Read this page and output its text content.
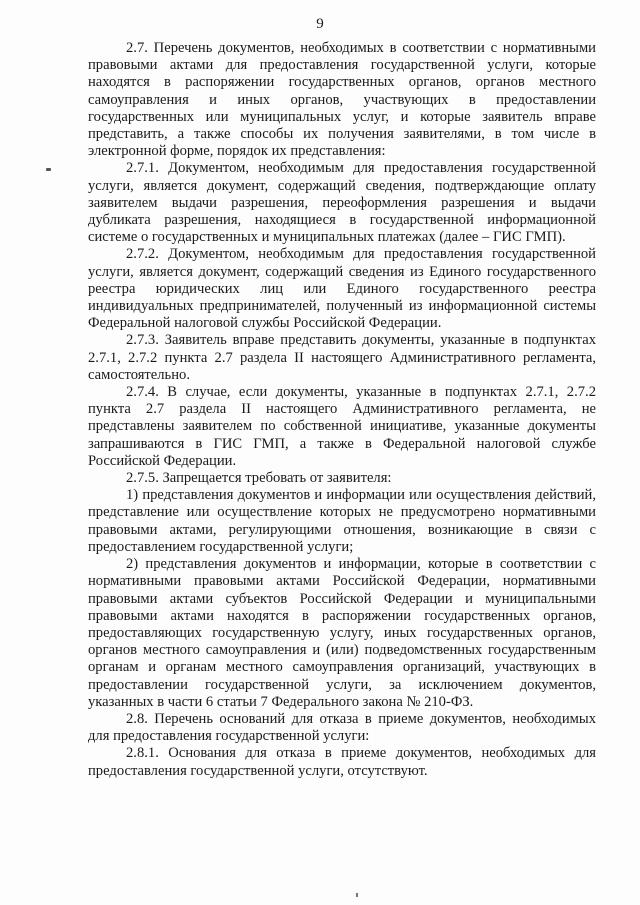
9

2.7. Перечень документов, необходимых в соответствии с нормативными правовыми актами для предоставления государственной услуги, которые находятся в распоряжении государственных органов, органов местного самоуправления и иных органов, участвующих в предоставлении государственных или муниципальных услуг, и которые заявитель вправе представить, а также способы их получения заявителями, в том числе в электронной форме, порядок их представления:

2.7.1. Документом, необходимым для предоставления государственной услуги, является документ, содержащий сведения, подтверждающие оплату заявителем выдачи разрешения, переоформления разрешения и выдачи дубликата разрешения, находящиеся в государственной информационной системе о государственных и муниципальных платежах (далее – ГИС ГМП).

2.7.2. Документом, необходимым для предоставления государственной услуги, является документ, содержащий сведения из Единого государственного реестра юридических лиц или Единого государственного реестра индивидуальных предпринимателей, полученный из информационной системы Федеральной налоговой службы Российской Федерации.

2.7.3. Заявитель вправе представить документы, указанные в подпунктах 2.7.1, 2.7.2 пункта 2.7 раздела II настоящего Административного регламента, самостоятельно.

2.7.4. В случае, если документы, указанные в подпунктах 2.7.1, 2.7.2 пункта 2.7 раздела II настоящего Административного регламента, не представлены заявителем по собственной инициативе, указанные документы запрашиваются в ГИС ГМП, а также в Федеральной налоговой службе Российской Федерации.

2.7.5. Запрещается требовать от заявителя:

1) представления документов и информации или осуществления действий, представление или осуществление которых не предусмотрено нормативными правовыми актами, регулирующими отношения, возникающие в связи с предоставлением государственной услуги;

2) представления документов и информации, которые в соответствии с нормативными правовыми актами Российской Федерации, нормативными правовыми актами субъектов Российской Федерации и муниципальными правовыми актами находятся в распоряжении государственных органов, предоставляющих государственную услугу, иных государственных органов, органов местного самоуправления и (или) подведомственных государственным органам и органам местного самоуправления организаций, участвующих в предоставлении государственной услуги, за исключением документов, указанных в части 6 статьи 7 Федерального закона № 210-ФЗ.

2.8. Перечень оснований для отказа в приеме документов, необходимых для предоставления государственной услуги:

2.8.1. Основания для отказа в приеме документов, необходимых для предоставления государственной услуги, отсутствуют.
